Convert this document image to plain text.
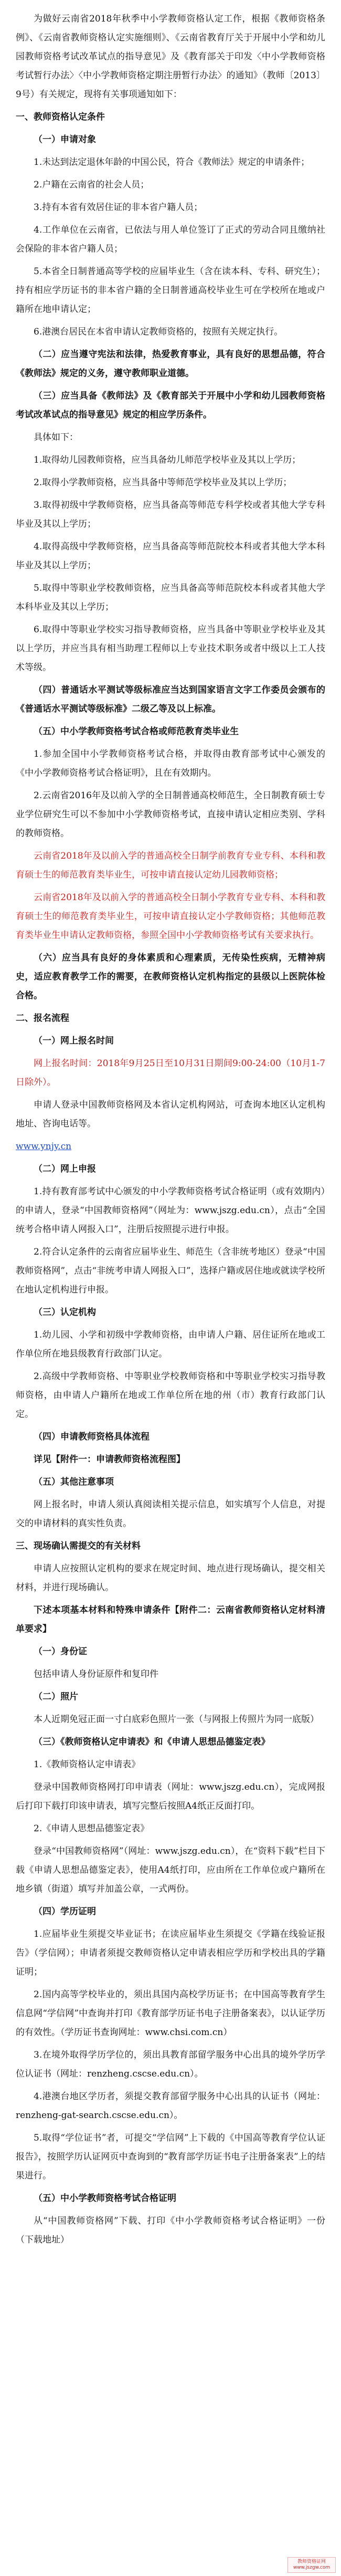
为做好云南省2018年秋季中小学教师资格认定工作，根据《教师资格条例》、《云南省教师资格认定实施细则》、《云南省教育厅关于开展中小学和幼儿园教师资格考试改革试点的指导意见》及《教育部关于印发〈中小学教师资格考试暂行办法〉〈中小学教师资格定期注册暂行办法〉的通知》（教师〔2013〕9号）有关规定，现将有关事项通知如下：

一、教师资格认定条件

（一）申请对象

1.未达到法定退休年龄的中国公民，符合《教师法》规定的申请条件；

2.户籍在云南省的社会人员；

3.持有本省有效居住证的非本省户籍人员；

4.工作单位在云南省，已依法与用人单位签订了正式的劳动合同且缴纳社会保险的非本省户籍人员；

5.本省全日制普通高等学校的应届毕业生（含在读本科、专科、研究生）；持有相应学历证书的非本省户籍的全日制普通高校毕业生可在学校所在地或户籍所在地申请认定；

6.港澳台居民在本省申请认定教师资格的，按照有关规定执行。

（二）应当遵守宪法和法律，热爱教育事业，具有良好的思想品德，符合《教师法》规定的义务，遵守教师职业道德。

（三）应当具备《教师法》及《教育部关于开展中小学和幼儿园教师资格考试改革试点的指导意见》规定的相应学历条件。

具体如下：

1.取得幼儿园教师资格，应当具备幼儿师范学校毕业及其以上学历；

2.取得小学教师资格，应当具备中等师范学校毕业及其以上学历；

3.取得初级中学教师资格，应当具备高等师范专科学校或者其他大学专科毕业及其以上学历；

4.取得高级中学教师资格，应当具备高等师范院校本科或者其他大学本科毕业及其以上学历；

5.取得中等职业学校教师资格，应当具备高等师范院校本科或者其他大学本科毕业及其以上学历；

6.取得中等职业学校实习指导教师资格，应当具备中等职业学校毕业及其以上学历，并应当具有相当助理工程师以上专业技术职务或者中级以上工人技术等级。

（四）普通话水平测试等级标准应当达到国家语言文字工作委员会颁布的《普通话水平测试等级标准》二级乙等及以上标准。

（五）中小学教师资格考试合格或师范教育类毕业生

1.参加全国中小学教师资格考试合格，并取得由教育部考试中心颁发的《中小学教师资格考试合格证明》，且在有效期内。

2.云南省2016年及以前入学的全日制普通高校师范生，全日制教育硕士专业学位研究生可以不参加中小学教师资格考试，直接申请认定相应类别、学科的教师资格。

云南省2018年及以前入学的普通高校全日制学前教育专业专科、本科和教育硕士生的师范教育类毕业生，可按申请直接认定幼儿园教师资格；

云南省2018年及以前入学的普通高校全日制小学教育专业专科、本科和教育硕士生的师范教育类毕业生，可按申请直接认定小学教师资格；其他师范教育类毕业生申请认定教师资格，参照全国中小学教师资格考试有关要求执行。

（六）应当具有良好的身体素质和心理素质，无传染性疾病，无精神病史，适应教育教学工作的需要，在教师资格认定机构指定的县级以上医院体检合格。

二、报名流程

（一）网上报名时间

网上报名时间：2018年9月25日至10月31日期间9:00-24:00（10月1-7日除外）。

申请人登录中国教师资格网及本省认定机构网站，可查询本地区认定机构地址、咨询电话等。

www.ynjy.cn

（二）网上申报

1.持有教育部考试中心颁发的中小学教师资格考试合格证明（或有效期内）的申请人，登录“中国教师资格网”（网址为：www.jszg.edu.cn），点击“全国统考合格申请人网报入口”，注册后按照提示进行申报。

2.符合认定条件的云南省应届毕业生、师范生（含非统考地区）登录“中国教师资格网”，点击“非统考申请人网报入口”，选择户籍或居住地或就读学校所在地认定机构进行申报。

（三）认定机构

1.幼儿园、小学和初级中学教师资格，由申请人户籍、居住证所在地或工作单位所在地县级教育行政部门认定。

2.高级中学教师资格、中等职业学校教师资格和中等职业学校实习指导教师资格，由申请人户籍所在地或工作单位所在地的州（市）教育行政部门认定。

（四）申请教师资格具体流程

详见【附件一：申请教师资格流程图】

（五）其他注意事项

网上报名时，申请人须认真阅读相关提示信息，如实填写个人信息，对提交的申请材料的真实性负责。

三、现场确认需提交的有关材料

申请人应按照认定机构的要求在规定时间、地点进行现场确认，提交相关材料，并进行现场确认。

下述本项基本材料和特殊申请条件【附件二：云南省教师资格认定材料清单要求】

（一）身份证

包括申请人身份证原件和复印件

（二）照片

本人近期免冠正面一寸白底彩色照片一张（与网报上传照片为同一底版）

（三）《教师资格认定申请表》和《申请人思想品德鉴定表》

1.《教师资格认定申请表》

登录中国教师资格网打印申请表（网址：www.jszg.edu.cn），完成网报后打印下载打印该申请表，填写完整后按照A4纸正反面打印。

2.《申请人思想品德鉴定表》

登录“中国教师资格网”（网址：www.jszg.edu.cn），在“资料下载”栏目下载《申请人思想品德鉴定表》，使用A4纸打印，应由所在工作单位或户籍所在地乡镇（街道）填写并加盖公章，一式两份。

（四）学历证明

1.应届毕业生须提交毕业证书；在读应届毕业生须提交《学籍在线验证报告》（学信网）；申请者须提交教师资格认定申请表相应学历和学校出具的学籍证明；

2.国内高等学校毕业的，须出具国内高校学历证书；在中国高等教育学生信息网“学信网”中查询并打印《教育部学历证书电子注册备案表》，以认证学历的有效性。（学历证书查询网址：www.chsi.com.cn）

3.在境外取得学历学位的，须出具教育部留学服务中心出具的境外学历学位认证书（网址：renzheng.cscse.edu.cn）。

4.港澳台地区学历者，须提交教育部留学服务中心出具的认证书（网址：renzheng-gat-search.cscse.edu.cn）。

5.取得“学位证书”者，可提交“学信网”上下载的《中国高等教育学位认证报告》，按照学历认证网页中查询到的“教育部学历证书电子注册备案表”上的结果进行。

（五）中小学教师资格考试合格证明

从“中国教师资格网”下载、打印《中小学教师资格考试合格证明》一份（下载地址）

教师资格证网
www.jszgw.com
